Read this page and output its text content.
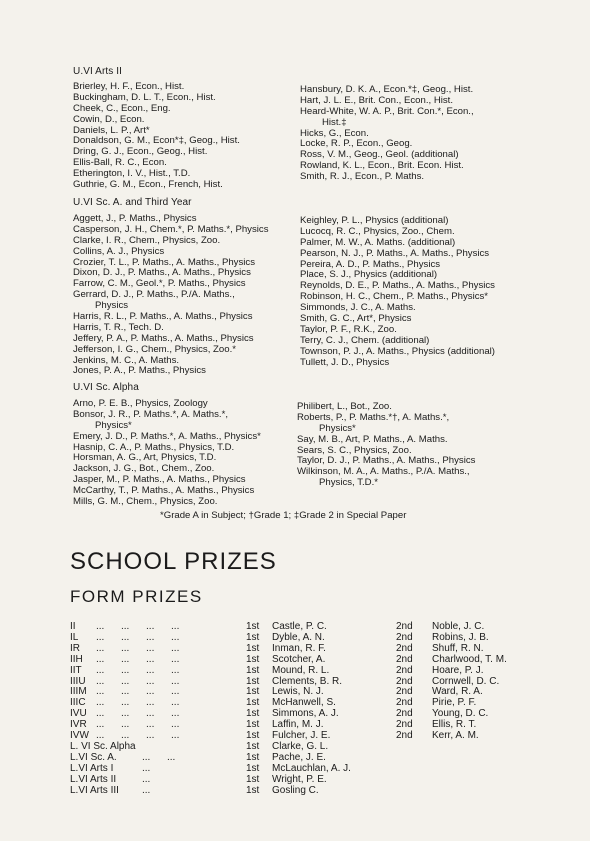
U.VI Arts II
Brierley, H. F., Econ., Hist.
Buckingham, D. L. T., Econ., Hist.
Cheek, C., Econ., Eng.
Cowin, D., Econ.
Daniels, L. P., Art*
Donaldson, G. M., Econ*‡, Geog., Hist.
Dring, G. J., Econ., Geog., Hist.
Ellis-Ball, R. C., Econ.
Etherington, I. V., Hist., T.D.
Guthrie, G. M., Econ., French, Hist.
Hansbury, D. K. A., Econ.*‡, Geog., Hist.
Hart, J. L. E., Brit. Con., Econ., Hist.
Heard-White, W. A. P., Brit. Con.*, Econ.,
Hist.‡
Hicks, G., Econ.
Locke, R. P., Econ., Geog.
Ross, V. M., Geog., Geol. (additional)
Rowland, K. L., Econ., Brit. Econ. Hist.
Smith, R. J., Econ., P. Maths.
U.VI Sc. A. and Third Year
Aggett, J., P. Maths., Physics
Casperson, J. H., Chem.*, P. Maths.*, Physics
Clarke, I. R., Chem., Physics, Zoo.
Collins, A. J., Physics
Crozier, T. L., P. Maths., A. Maths., Physics
Dixon, D. J., P. Maths., A. Maths., Physics
Farrow, C. M., Geol.*, P. Maths., Physics
Gerrard, D. J., P. Maths., P./A. Maths.,
Physics
Harris, R. L., P. Maths., A. Maths., Physics
Harris, T. R., Tech. D.
Jeffery, P. A., P. Maths., A. Maths., Physics
Jefferson, I. G., Chem., Physics, Zoo.*
Jenkins, M. C., A. Maths.
Jones, P. A., P. Maths., Physics
Keighley, P. L., Physics (additional)
Lucocq, R. C., Physics, Zoo., Chem.
Palmer, M. W., A. Maths. (additional)
Pearson, N. J., P. Maths., A. Maths., Physics
Pereira, A. D., P. Maths., Physics
Place, S. J., Physics (additional)
Reynolds, D. E., P. Maths., A. Maths., Physics
Robinson, H. C., Chem., P. Maths., Physics*
Simmonds, J. C., A. Maths.
Smith, G. C., Art*, Physics
Taylor, P. F., R.K., Zoo.
Terry, C. J., Chem. (additional)
Townson, P. J., A. Maths., Physics (additional)
Tullett, J. D., Physics
U.VI Sc. Alpha
Arno, P. E. B., Physics, Zoology
Bonsor, J. R., P. Maths.*, A. Maths.*,
Physics*
Emery, J. D., P. Maths.*, A. Maths., Physics*
Hasnip, C. A., P. Maths., Physics, T.D.
Horsman, A. G., Art, Physics, T.D.
Jackson, J. G., Bot., Chem., Zoo.
Jasper, M., P. Maths., A. Maths., Physics
McCarthy, T., P. Maths., A. Maths., Physics
Mills, G. M., Chem., Physics, Zoo.
Philibert, L., Bot., Zoo.
Roberts, P., P. Maths.*†, A. Maths.*,
Physics*
Say, M. B., Art, P. Maths., A. Maths.
Sears, S. C., Physics, Zoo.
Taylor, D. J., P. Maths., A. Maths., Physics
Wilkinson, M. A., A. Maths., P./A. Maths.,
Physics, T.D.*
*Grade A in Subject; †Grade 1; ‡Grade 2 in Special Paper
SCHOOL PRIZES
FORM PRIZES
II ...      ...      ...      ...	1st Castle, P. C.	2nd Noble, J. C.
IL ...      ...      ...      ...	1st Dyble, A. N.	2nd Robins, J. B.
IR ...      ...      ...      ...	1st Inman, R. F.	2nd Shuff, R. N.
IIH ...      ...      ...      ...	1st Scotcher, A.	2nd Charlwood, T. M.
IIT ...      ...      ...      ...	1st Mound, R. L.	2nd Hoare, P. J.
IIIU ...      ...      ...      ...	1st Clements, B. R.	2nd Cornwell, D. C.
IIIM ...      ...      ...      ...	1st Lewis, N. J.	2nd Ward, R. A.
IIIC ...      ...      ...      ...	1st McHanwell, S.	2nd Pirie, P. F.
IVU ...      ...      ...      ...	1st Simmons, A. J.	2nd Young, D. C.
IVR ...      ...      ...      ...	1st Laffin, M. J.	2nd Ellis, R. T.
IVW ...      ...      ...      ...	1st Fulcher, J. E.	2nd Kerr, A. M.
L. VI Sc. Alpha	1st Clarke, G. L.
L.VI Sc. A.	...      ...	1st Pache, J. E.
L.VI Arts I	...	1st McLauchlan, A. J.
L.VI Arts II	...	1st Wright, P. E.
L.VI Arts III ...	1st Gosling C.
